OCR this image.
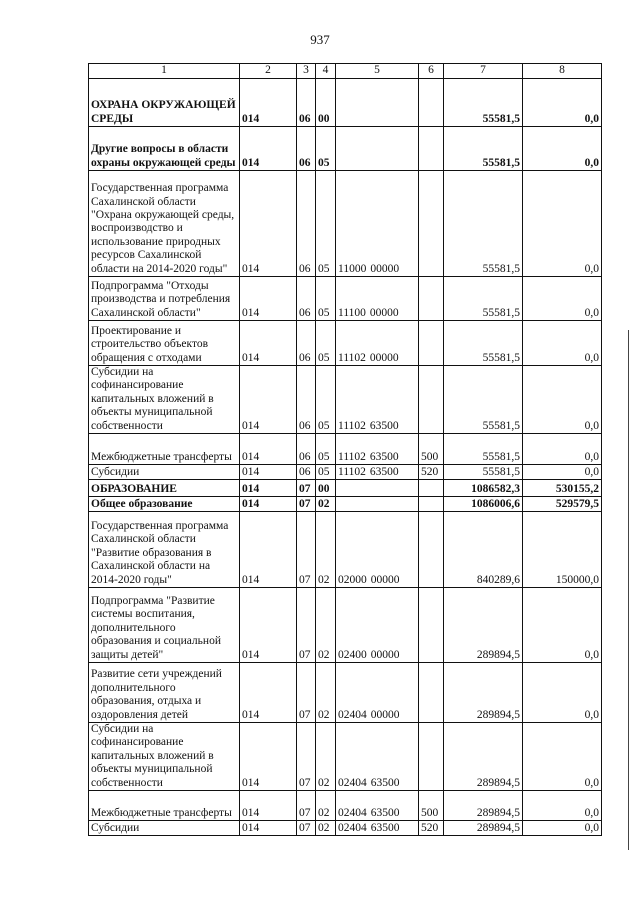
937
1	2	3	4	5	6	7	8
ОХРАНА ОКРУЖАЮЩЕЙ СРЕДЫ	014	06	00			55581,5	0,0
Другие вопросы в области охраны окружающей среды	014	06	05			55581,5	0,0
Государственная программа Сахалинской области "Охрана окружающей среды, воспроизводство и использование природных ресурсов Сахалинской области на 2014-2020 годы"	014	06	05	11000 00000		55581,5	0,0
Подпрограмма "Отходы производства и потребления Сахалинской области"	014	06	05	11100 00000		55581,5	0,0
Проектирование и строительство объектов обращения с отходами	014	06	05	11102 00000		55581,5	0,0
Субсидии на софинансирование капитальных вложений в объекты муниципальной собственности	014	06	05	11102 63500		55581,5	0,0
Межбюджетные трансферты	014	06	05	11102 63500	500	55581,5	0,0
Субсидии	014	06	05	11102 63500	520	55581,5	0,0
ОБРАЗОВАНИЕ	014	07	00			1086582,3	530155,2
Общее образование	014	07	02			1086006,6	529579,5
Государственная программа Сахалинской области "Развитие образования в Сахалинской области на 2014-2020 годы"	014	07	02	02000 00000		840289,6	150000,0
Подпрограмма "Развитие системы воспитания, дополнительного образования и социальной защиты детей"	014	07	02	02400 00000		289894,5	0,0
Развитие сети учреждений дополнительного образования, отдыха и оздоровления детей	014	07	02	02404 00000		289894,5	0,0
Субсидии на софинансирование капитальных вложений в объекты муниципальной собственности	014	07	02	02404 63500		289894,5	0,0
Межбюджетные трансферты	014	07	02	02404 63500	500	289894,5	0,0
Субсидии	014	07	02	02404 63500	520	289894,5	0,0
